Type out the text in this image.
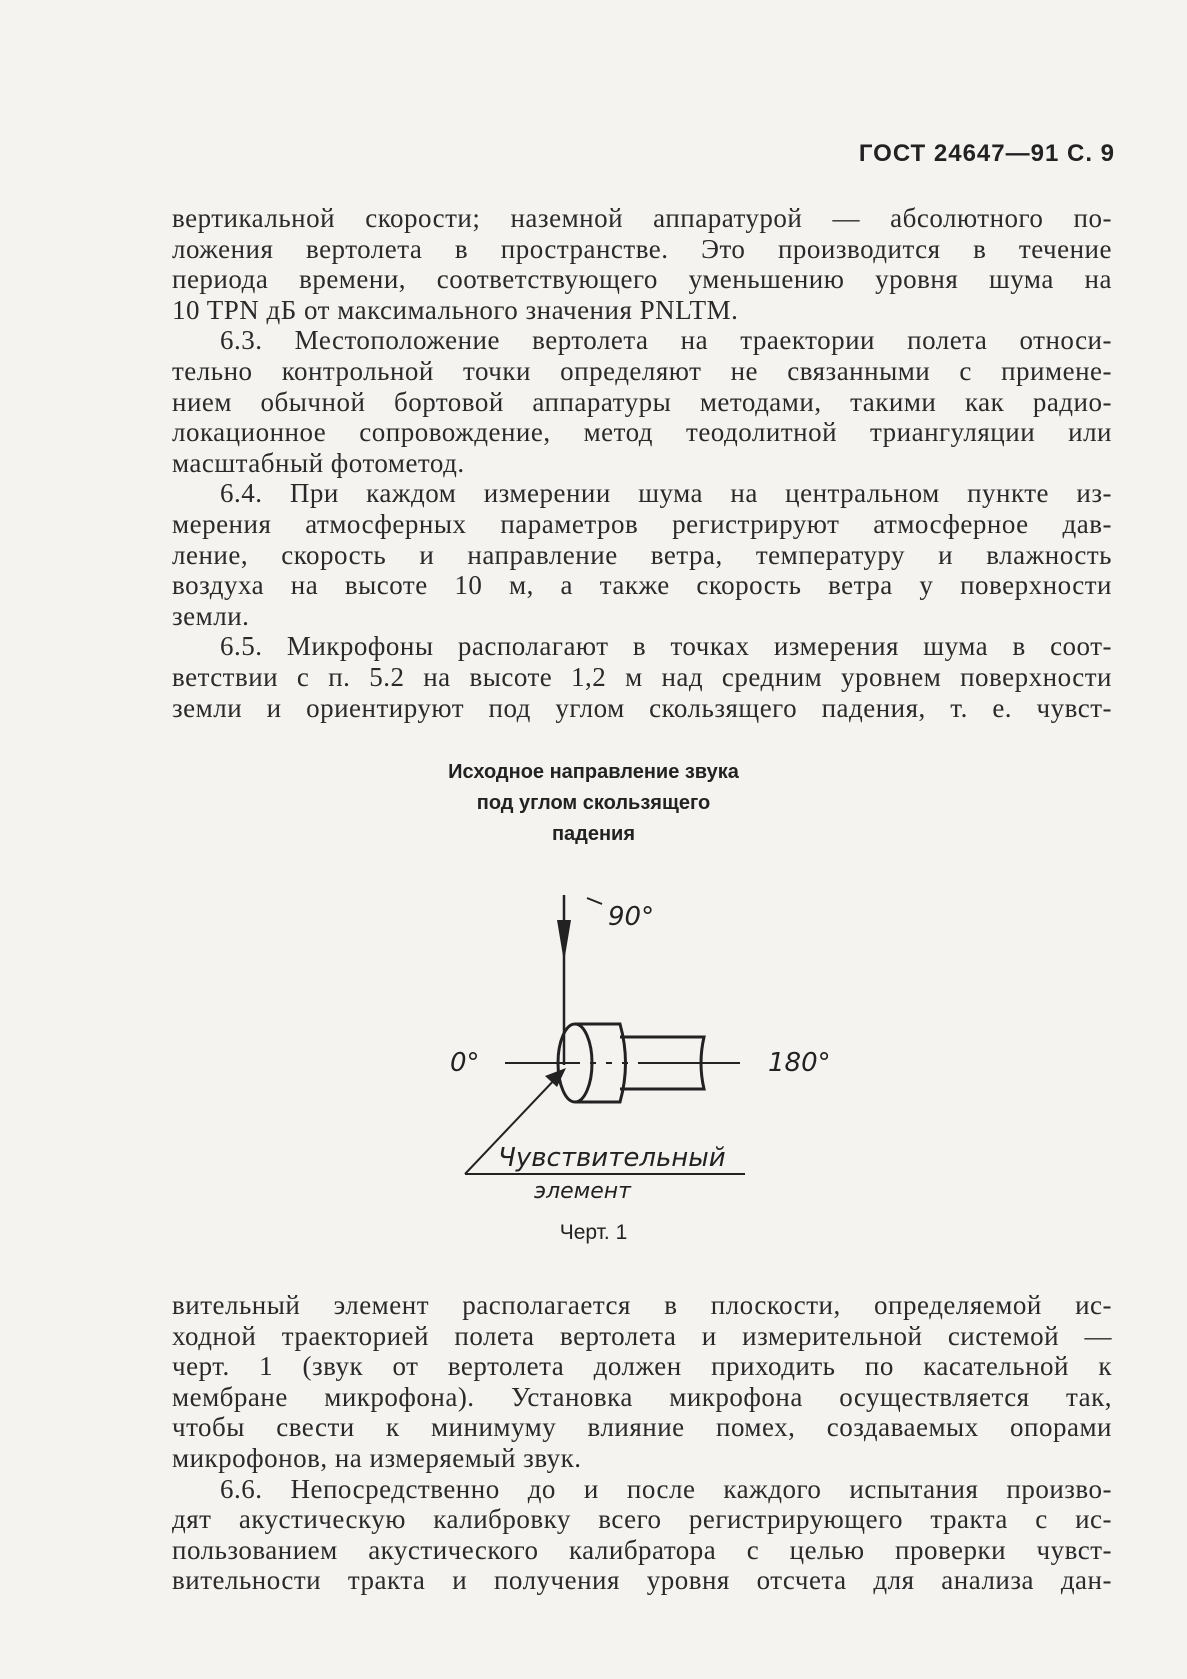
ГОСТ 24647—91 С. 9
вертикальной скорости; наземной аппаратурой — абсолютного по-
ложения вертолета в пространстве. Это производится в течение
периода времени, соответствующего уменьшению уровня шума на
10 TPN дБ от максимального значения PNLTM.
6.3. Местоположение вертолета на траектории полета относи-
тельно контрольной точки определяют не связанными с примене-
нием обычной бортовой аппаратуры методами, такими как радио-
локационное сопровождение, метод теодолитной триангуляции или
масштабный фотометод.
6.4. При каждом измерении шума на центральном пункте из-
мерения атмосферных параметров регистрируют атмосферное дав-
ление, скорость и направление ветра, температуру и влажность
воздуха на высоте 10 м, а также скорость ветра у поверхности
земли.
6.5. Микрофоны располагают в точках измерения шума в соот-
ветствии с п. 5.2 на высоте 1,2 м над средним уровнем поверхности
земли и ориентируют под углом скользящего падения, т. е. чувст-
Исходное направление звука
под углом скользящего
падения
90°
0°	180°
Чувствительный
элемент
Черт. 1
вительный элемент располагается в плоскости, определяемой ис-
ходной траекторией полета вертолета и измерительной системой —
черт. 1 (звук от вертолета должен приходить по касательной к
мембране микрофона). Установка микрофона осуществляется так,
чтобы свести к минимуму влияние помех, создаваемых опорами
микрофонов, на измеряемый звук.
6.6. Непосредственно до и после каждого испытания произво-
дят акустическую калибровку всего регистрирующего тракта с ис-
пользованием акустического калибратора с целью проверки чувст-
вительности тракта и получения уровня отсчета для анализа дан-
